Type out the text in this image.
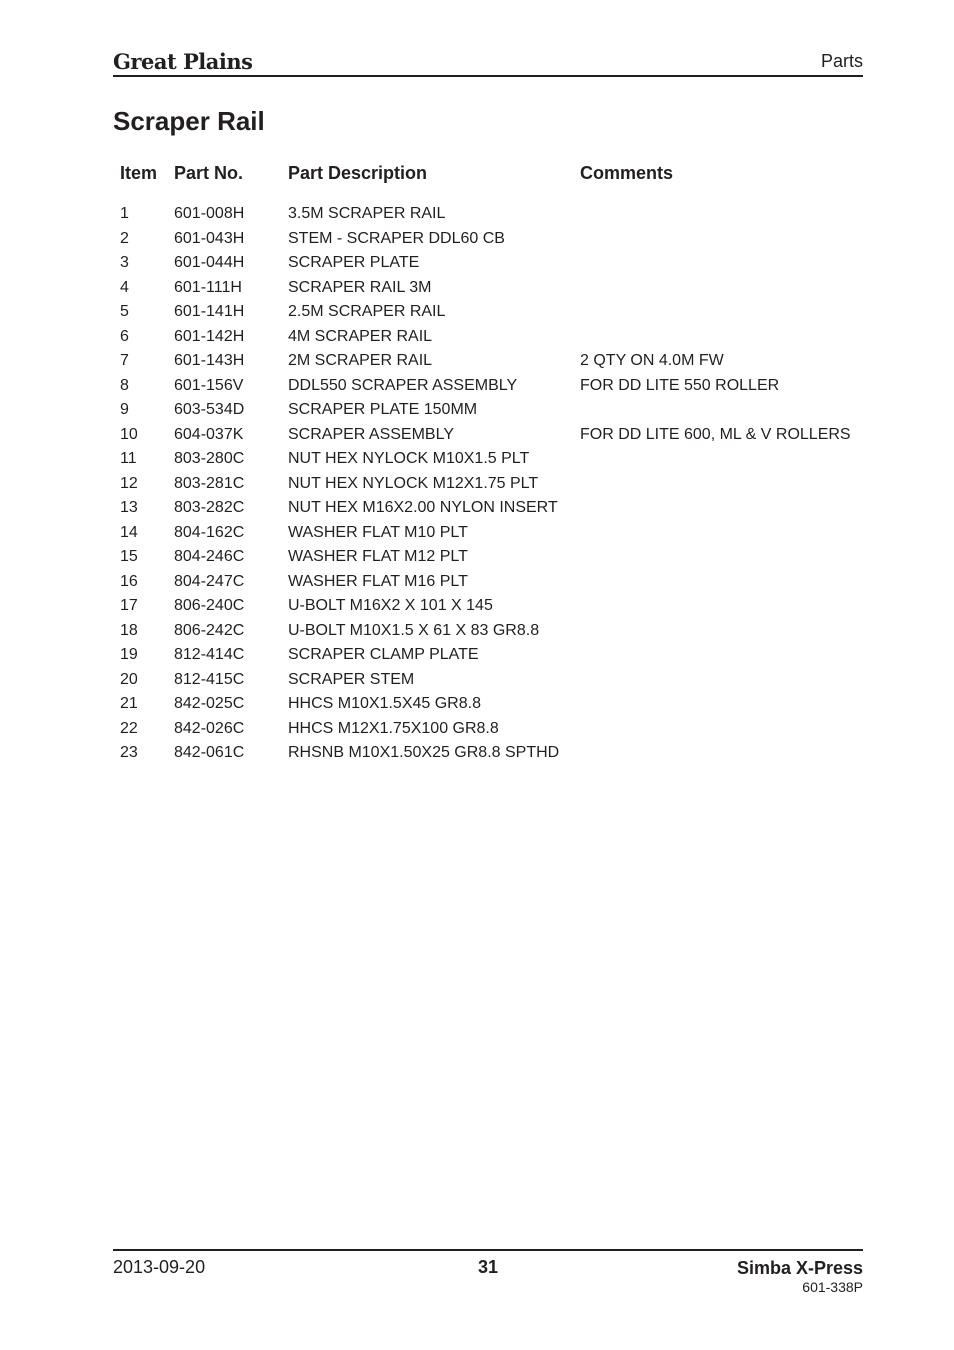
Great Plains	Parts
Scraper Rail
Item	Part No.	Part Description	Comments

1	601-008H	3.5M SCRAPER RAIL	
2	601-043H	STEM - SCRAPER DDL60 CB	
3	601-044H	SCRAPER PLATE	
4	601-111H	SCRAPER RAIL 3M	
5	601-141H	2.5M SCRAPER RAIL	
6	601-142H	4M SCRAPER RAIL	
7	601-143H	2M SCRAPER RAIL	2 QTY ON 4.0M FW
8	601-156V	DDL550 SCRAPER ASSEMBLY	FOR DD LITE 550 ROLLER
9	603-534D	SCRAPER PLATE 150MM	
10	604-037K	SCRAPER ASSEMBLY	FOR DD LITE 600, ML & V ROLLERS
11	803-280C	NUT HEX NYLOCK M10X1.5 PLT	
12	803-281C	NUT HEX NYLOCK M12X1.75 PLT	
13	803-282C	NUT HEX M16X2.00 NYLON INSERT	
14	804-162C	WASHER FLAT M10 PLT	
15	804-246C	WASHER FLAT M12 PLT	
16	804-247C	WASHER FLAT M16 PLT	
17	806-240C	U-BOLT M16X2 X 101 X 145	
18	806-242C	U-BOLT M10X1.5 X 61 X 83 GR8.8	
19	812-414C	SCRAPER CLAMP PLATE	
20	812-415C	SCRAPER STEM	
21	842-025C	HHCS M10X1.5X45 GR8.8	
22	842-026C	HHCS M12X1.75X100 GR8.8	
23	842-061C	RHSNB M10X1.50X25 GR8.8 SPTHD	
2013-09-20	31	Simba X-Press
601-338P
